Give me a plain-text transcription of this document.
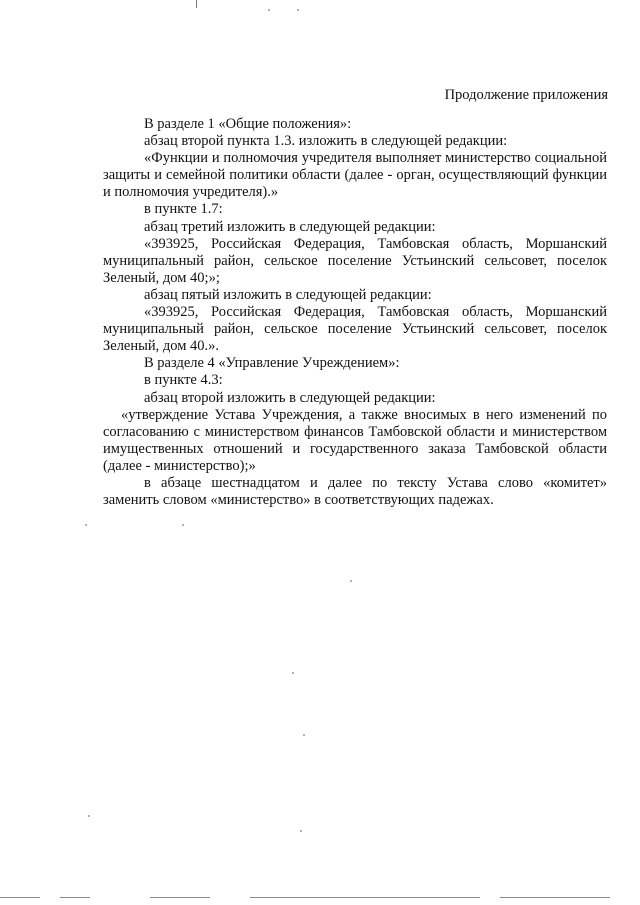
Продолжение приложения

В разделе 1 «Общие положения»:

абзац второй пункта 1.3. изложить в следующей редакции:

«Функции и полномочия учредителя выполняет министерство социальной защиты и семейной политики области (далее - орган, осуществляющий функции и полномочия учредителя).»

в пункте 1.7:

абзац третий изложить в следующей редакции:

«393925, Российская Федерация, Тамбовская область, Моршанский муниципальный район, сельское поселение Устьинский сельсовет, поселок Зеленый, дом 40;»;

абзац пятый изложить в следующей редакции:

«393925, Российская Федерация, Тамбовская область, Моршанский муниципальный район, сельское поселение Устьинский сельсовет, поселок Зеленый, дом 40.».

В разделе 4 «Управление Учреждением»:

в пункте 4.3:

абзац второй изложить в следующей редакции:

«утверждение Устава Учреждения, а также вносимых в него изменений по согласованию с министерством финансов Тамбовской области и министерством имущественных отношений и государственного заказа Тамбовской области (далее - министерство);»

в абзаце шестнадцатом и далее по тексту Устава слово «комитет» заменить словом «министерство» в соответствующих падежах.
